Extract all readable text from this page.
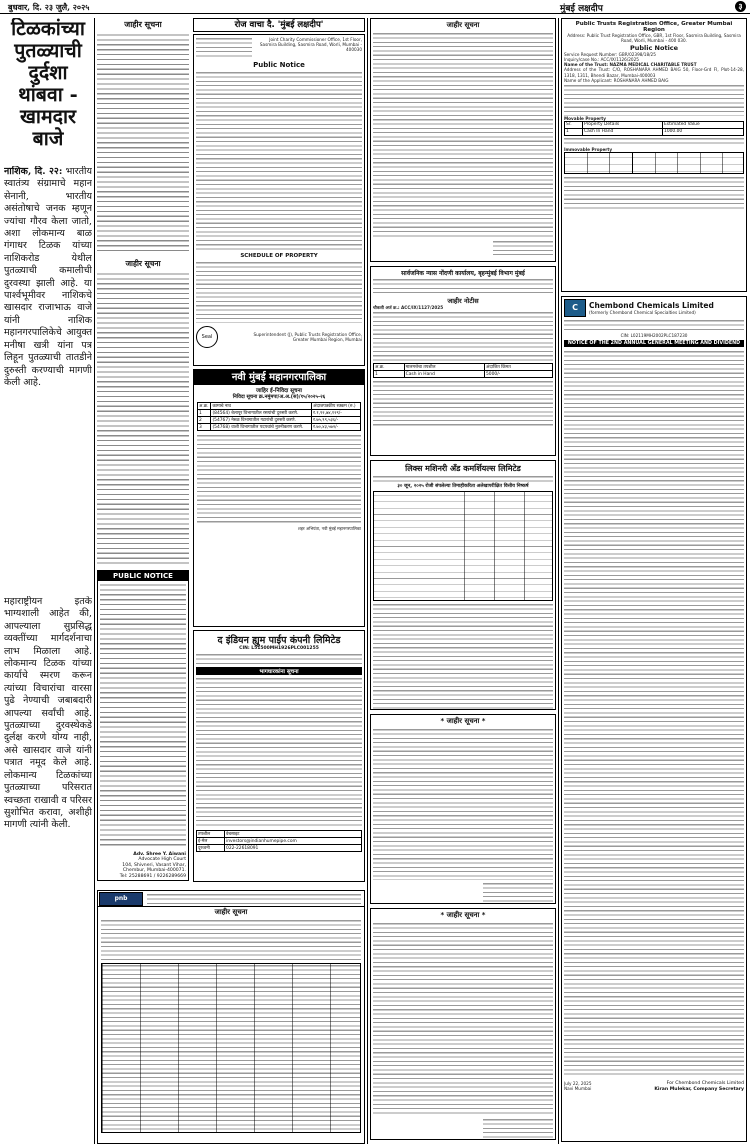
बुधवार, दि. २३ जुलै, २०२५	मुंबई लक्षदीप	३
टिळकांच्या पुतळ्याची दुर्दशा थांबवा - खामदार बाजे
नाशिक, दि. २२: भारतीय स्वातंत्र्य संग्रामाचे महान सेनानी, भारतीय असंतोषाचे जनक म्हणून ज्यांचा गौरव केला जातो, अशा लोकमान्य बाळ गंगाधर टिळक यांच्या नाशिकरोड येथील पुतळ्याची कमालीची दुरवस्था झाली आहे. या पार्श्वभूमीवर नाशिकचे खासदार राजाभाऊ वाजे यांनी नाशिक महानगरपालिकेचे आयुक्त मनीषा खत्री यांना पत्र लिहून पुतळ्याची तातडीने दुरुस्ती करण्याची मागणी केली आहे.
महाराष्ट्रीयन इतके भाग्यशाली आहेत की, आपल्याला सुप्रसिद्ध व्यक्तींच्या मार्गदर्शनाचा लाभ मिळाला आहे. लोकमान्य टिळक यांच्या कार्याचे स्मरण करून त्यांच्या विचारांचा वारसा पुढे नेण्याची जबाबदारी आपल्या सर्वांची आहे. पुतळ्याच्या दुरवस्थेकडे दुर्लक्ष करणे योग्य नाही, असे खासदार वाजे यांनी पत्रात नमूद केले आहे. लोकमान्य टिळकांच्या पुतळ्याच्या परिसरात स्वच्छता राखावी व परिसर सुशोभित करावा, अशीही मागणी त्यांनी केली.
जाहीर सूचना
जाहीर सूचना
PUBLIC NOTICE
Adv. Shree Y. Aiwani
Advocate High Court
104, Shivneri, Vasant Vihar, Chembur, Mumbai-400071.
Tel: 25288691 / 9226289669
रोज वाचा दै. 'मुंबई लक्षदीप'
Joint Charity Commissioner Office, 1st Floor, Sasmira Building, Sasmira Road, Worli, Mumbai - 400030
Public Notice
SCHEDULE OF PROPERTY
Seal	Superintendent (J), Public Trusts Registration Office, Greater Mumbai Region, Mumbai
नवी मुंबई महानगरपालिका
जाहिर ई-निविदा सूचना
निविदा सूचना क्र.नमुंमपा/अ.अ.(स)/१५/२०२५-२६
अ.क्र.	कामाचे नाव	अंदाजपत्रकीय रक्कम (रु.)
1	(84564) बेलापूर विभागातील रस्त्यांची दुरुस्ती करणे.	र.१,९२,७४,१२९/-
2	(54767) नेरुळ विभागातील गटारांची दुरुस्ती करणे.	र.७५,९९,५३६/-
3	(54768) वाशी विभागातील पदपथांचे नुतनीकरण करणे.	र.७०,४३,५७२/-
शहर अभियंता, नवी मुंबई महानगरपालिका
द इंडियन ह्युम पाईप कंपनी लिमिटेड
CIN: L51500MH1926PLC001255
भागधारकांना सूचना
तपशील	वेबसाइट
ई-मेल	investors@indianhumepipe.com
दूरध्वनी	022-22618091
pnb Housing	जाहीर सूचना
जाहीर सूचना
सार्वजनिक न्यास नोंदणी कार्यालय, बृहन्मुंबई विभाग मुंबई
जाहीर नोटीस
चौकशी अर्ज क्र.: ACC/IX/1127/2025
अ.क्र.	मालमत्तेचा तपशील	अंदाजित किंमत
1	Cash in Hand	5000/-
लिक्स मशिनरी अँड कमर्शियल्स लिमिटेड
३० जून, २०२५ रोजी संपलेल्या तिमाहीकरिता अलेखापरीक्षित वित्तीय निष्कर्ष
* जाहीर सूचना *
* जाहीर सूचना *
Public Trusts Registration Office, Greater Mumbai Region
Address: Public Trust Registration Office, GBR, 1st Floor, Sasmira Building, Sasmira Road, Worli, Mumbai - 400 030.
Public Notice
Service Request Number: GBR/02398/18/25
Inquiry/case No.: ACC/IX/1126/2025
Name of the Trust: NAZMA MEDICAL CHARITABLE TRUST
Address of the Trust: C/O, ROSHANARA AHMED BAIG 50, Floor-Grd FI, Plot-14-28, 1318, 1311, Bhendi Bazar, Mumbai-400003
Name of the Applicant: ROSHANARA AHMED BAIG
Movable Property
Sr.	Property Details	Estimated Value
1	Cash In Hand	1000.00
Immovable Property
C	Chembond Chemicals Limited
(formerly Chembond Chemical Specialties Limited)
CIN: L02119MH2002PLC187230
NOTICE OF THE 2ND ANNUAL GENERAL MEETING AND DIVIDEND
July 22, 2025
Navi Mumbai
For Chembond Chemicals Limited
Kiran Mulekar, Company Secretary
